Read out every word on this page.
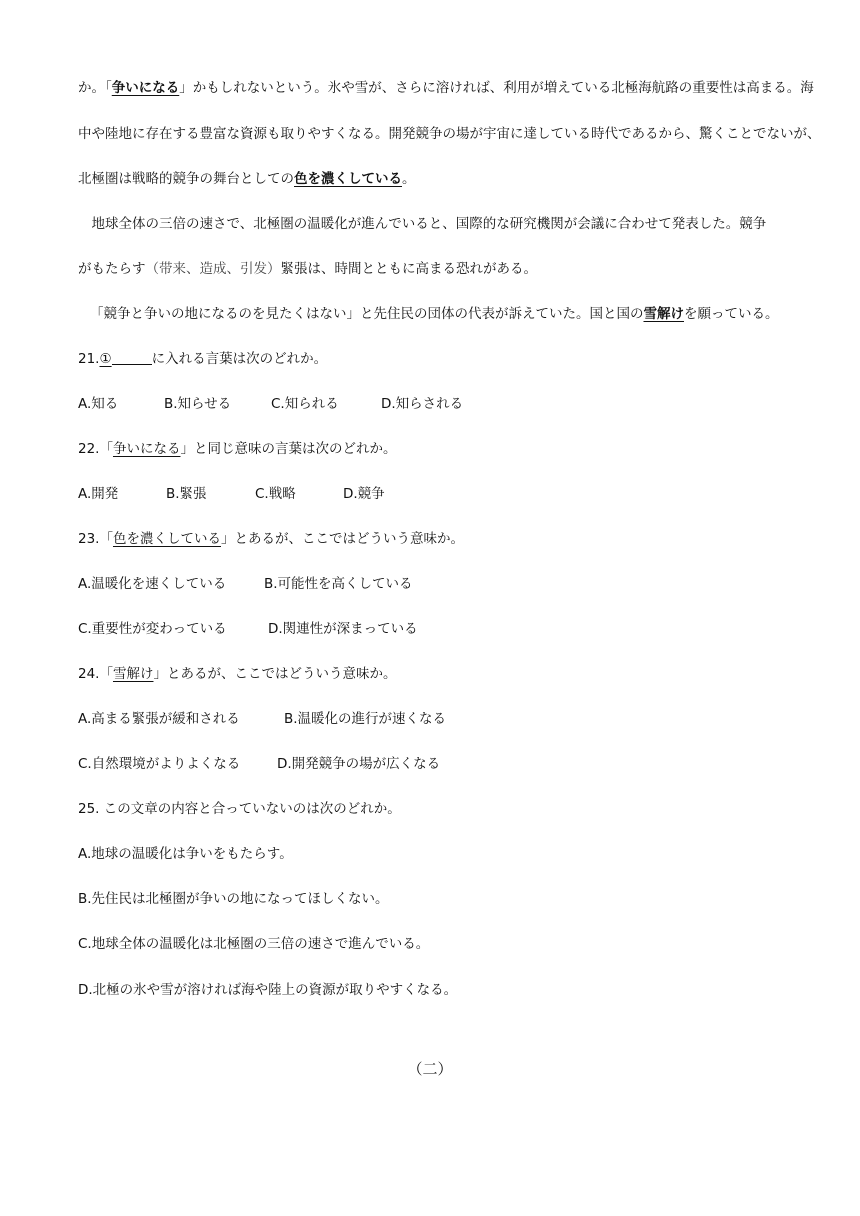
か。「争いになる」かもしれないという。氷や雪が、さらに溶ければ、利用が増えている北極海航路の重要性は高まる。海
中や陸地に存在する豊富な資源も取りやすくなる。開発競争の場が宇宙に達している時代であるから、驚くことでないが、
北極圏は戦略的競争の舞台としての色を濃くしている。
　地球全体の三倍の速さで、北極圏の温暖化が進んでいると、国際的な研究機関が会議に合わせて発表した。競争
がもたらす（带来、造成、引发）緊張は、時間とともに高まる恐れがある。
「競争と争いの地になるのを見たくはない」と先住民の団体の代表が訴えていた。国と国の雪解けを願っている。
21.①	に入れる言葉は次のどれか。
A.知る	B.知らせる	C.知られる	D.知らされる
22.「争いになる」と同じ意味の言葉は次のどれか。
A.開発	B.緊張	C.戦略	D.競争
23.「色を濃くしている」とあるが、ここではどういう意味か。
A.温暖化を速くしている	B.可能性を高くしている
C.重要性が変わっている	D.関連性が深まっている
24.「雪解け」とあるが、ここではどういう意味か。
A.高まる緊張が緩和される	B.温暖化の進行が速くなる
C.自然環境がよりよくなる	D.開発競争の場が広くなる
25. この文章の内容と合っていないのは次のどれか。
A.地球の温暖化は争いをもたらす。
B.先住民は北極圏が争いの地になってほしくない。
C.地球全体の温暖化は北極圏の三倍の速さで進んでいる。
D.北極の氷や雪が溶ければ海や陸上の資源が取りやすくなる。
（二）
